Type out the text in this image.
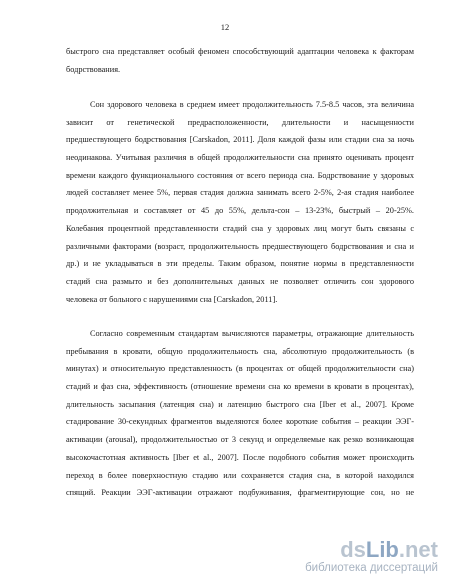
12
быстрого сна представляет особый феномен способствующий адаптации человека к факторам
бодрствования.
Сон здорового человека в среднем имеет продолжительность 7.5-8.5 часов, эта величина
зависит от генетической предрасположенности, длительности и насыщенности
предшествующего бодрствования [Carskadon, 2011]. Доля каждой фазы или стадии сна за ночь
неодинакова. Учитывая различия в общей продолжительности сна принято оценивать процент
времени каждого функционального состояния от всего периода сна. Бодрствование у здоровых
людей составляет менее 5%, первая стадия должна занимать всего 2-5%, 2-ая стадия наиболее
продолжительная и составляет от 45 до 55%, дельта-сон – 13-23%, быстрый – 20-25%.
Колебания процентной представленности стадий сна у здоровых лиц могут быть связаны с
различными факторами (возраст, продолжительность предшествующего бодрствования и сна и
др.) и не укладываться в эти пределы. Таким образом, понятие нормы в представленности
стадий сна размыто и без дополнительных данных не позволяет отличить сон здорового
человека от больного с нарушениями сна [Carskadon, 2011].
Согласно современным стандартам вычисляются параметры, отражающие длительность
пребывания в кровати, общую продолжительность сна, абсолютную продолжительность (в
минутах) и относительную представленность (в процентах от общей продолжительности сна)
стадий и фаз сна, эффективность (отношение времени сна ко времени в кровати в процентах),
длительность засыпания (латенция сна) и латенцию быстрого сна [Iber et al., 2007]. Кроме
стадирование 30-секундных фрагментов выделяются более короткие события – реакции ЭЭГ-
активации (arousal), продолжительностью от 3 секунд и определяемые как резко возникающая
высокочастотная активность [Iber et al., 2007]. После подобного события может происходить
переход в более поверхностную стадию или сохраняется стадия сна, в которой находился
спящий. Реакции ЭЭГ-активации отражают подбуживания, фрагментирующие сон, но не
dsLib.net
библиотека диссертаций
